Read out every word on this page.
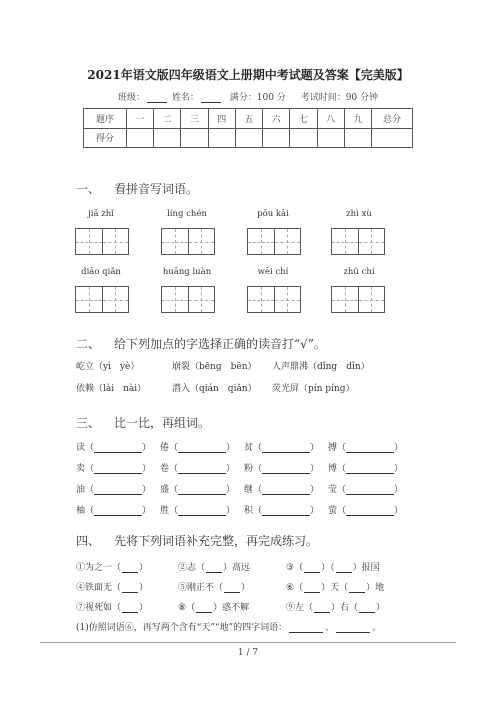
2021年语文版四年级语文上册期中考试题及答案【完美版】
班级：	姓名：	满分：100 分 考试时间：90 分钟
题序	一	二	三	四	五	六	七	八	九	总分
得分										
一、 看拼音写词语。
jiā zhǐ	líng chén	pōu kāi	zhì xù
diāo qiǎn	huāng luàn	wēi chí	zhǔ chí
二、 给下列加点的字选择正确的读音打“√”。
屹立（yì　yè）	崩裂（bēng　bēn） 人声鼎沸（dǐng　dǐn）
依赖（lài　nài）	潜入（qián　qiǎn） 荧光屏（pín píng）
三、 比一比，再组词。
读（	） 倦（	） 贫（	） 搏（	）
卖（	） 卷（	） 粉（	） 博（	）
油（	） 盛（	） 继（	） 莹（	）
柚（	） 胜（	） 积（	） 萤（	）
四、 先将下列词语补充完整，再完成练习。
①为之一（ ）	②志（ ）高远	③（ ）（ ）报国
④铁面无（ ）	⑤刚正不（ ）	⑥（ ）天（ ）地
⑦视死如（ ）	⑧（ ）惑不解	⑨左（ ）右（ ）
(1)仿照词语⑥，再写两个含有“天”“地”的四字词语：	、	。
1 / 7
